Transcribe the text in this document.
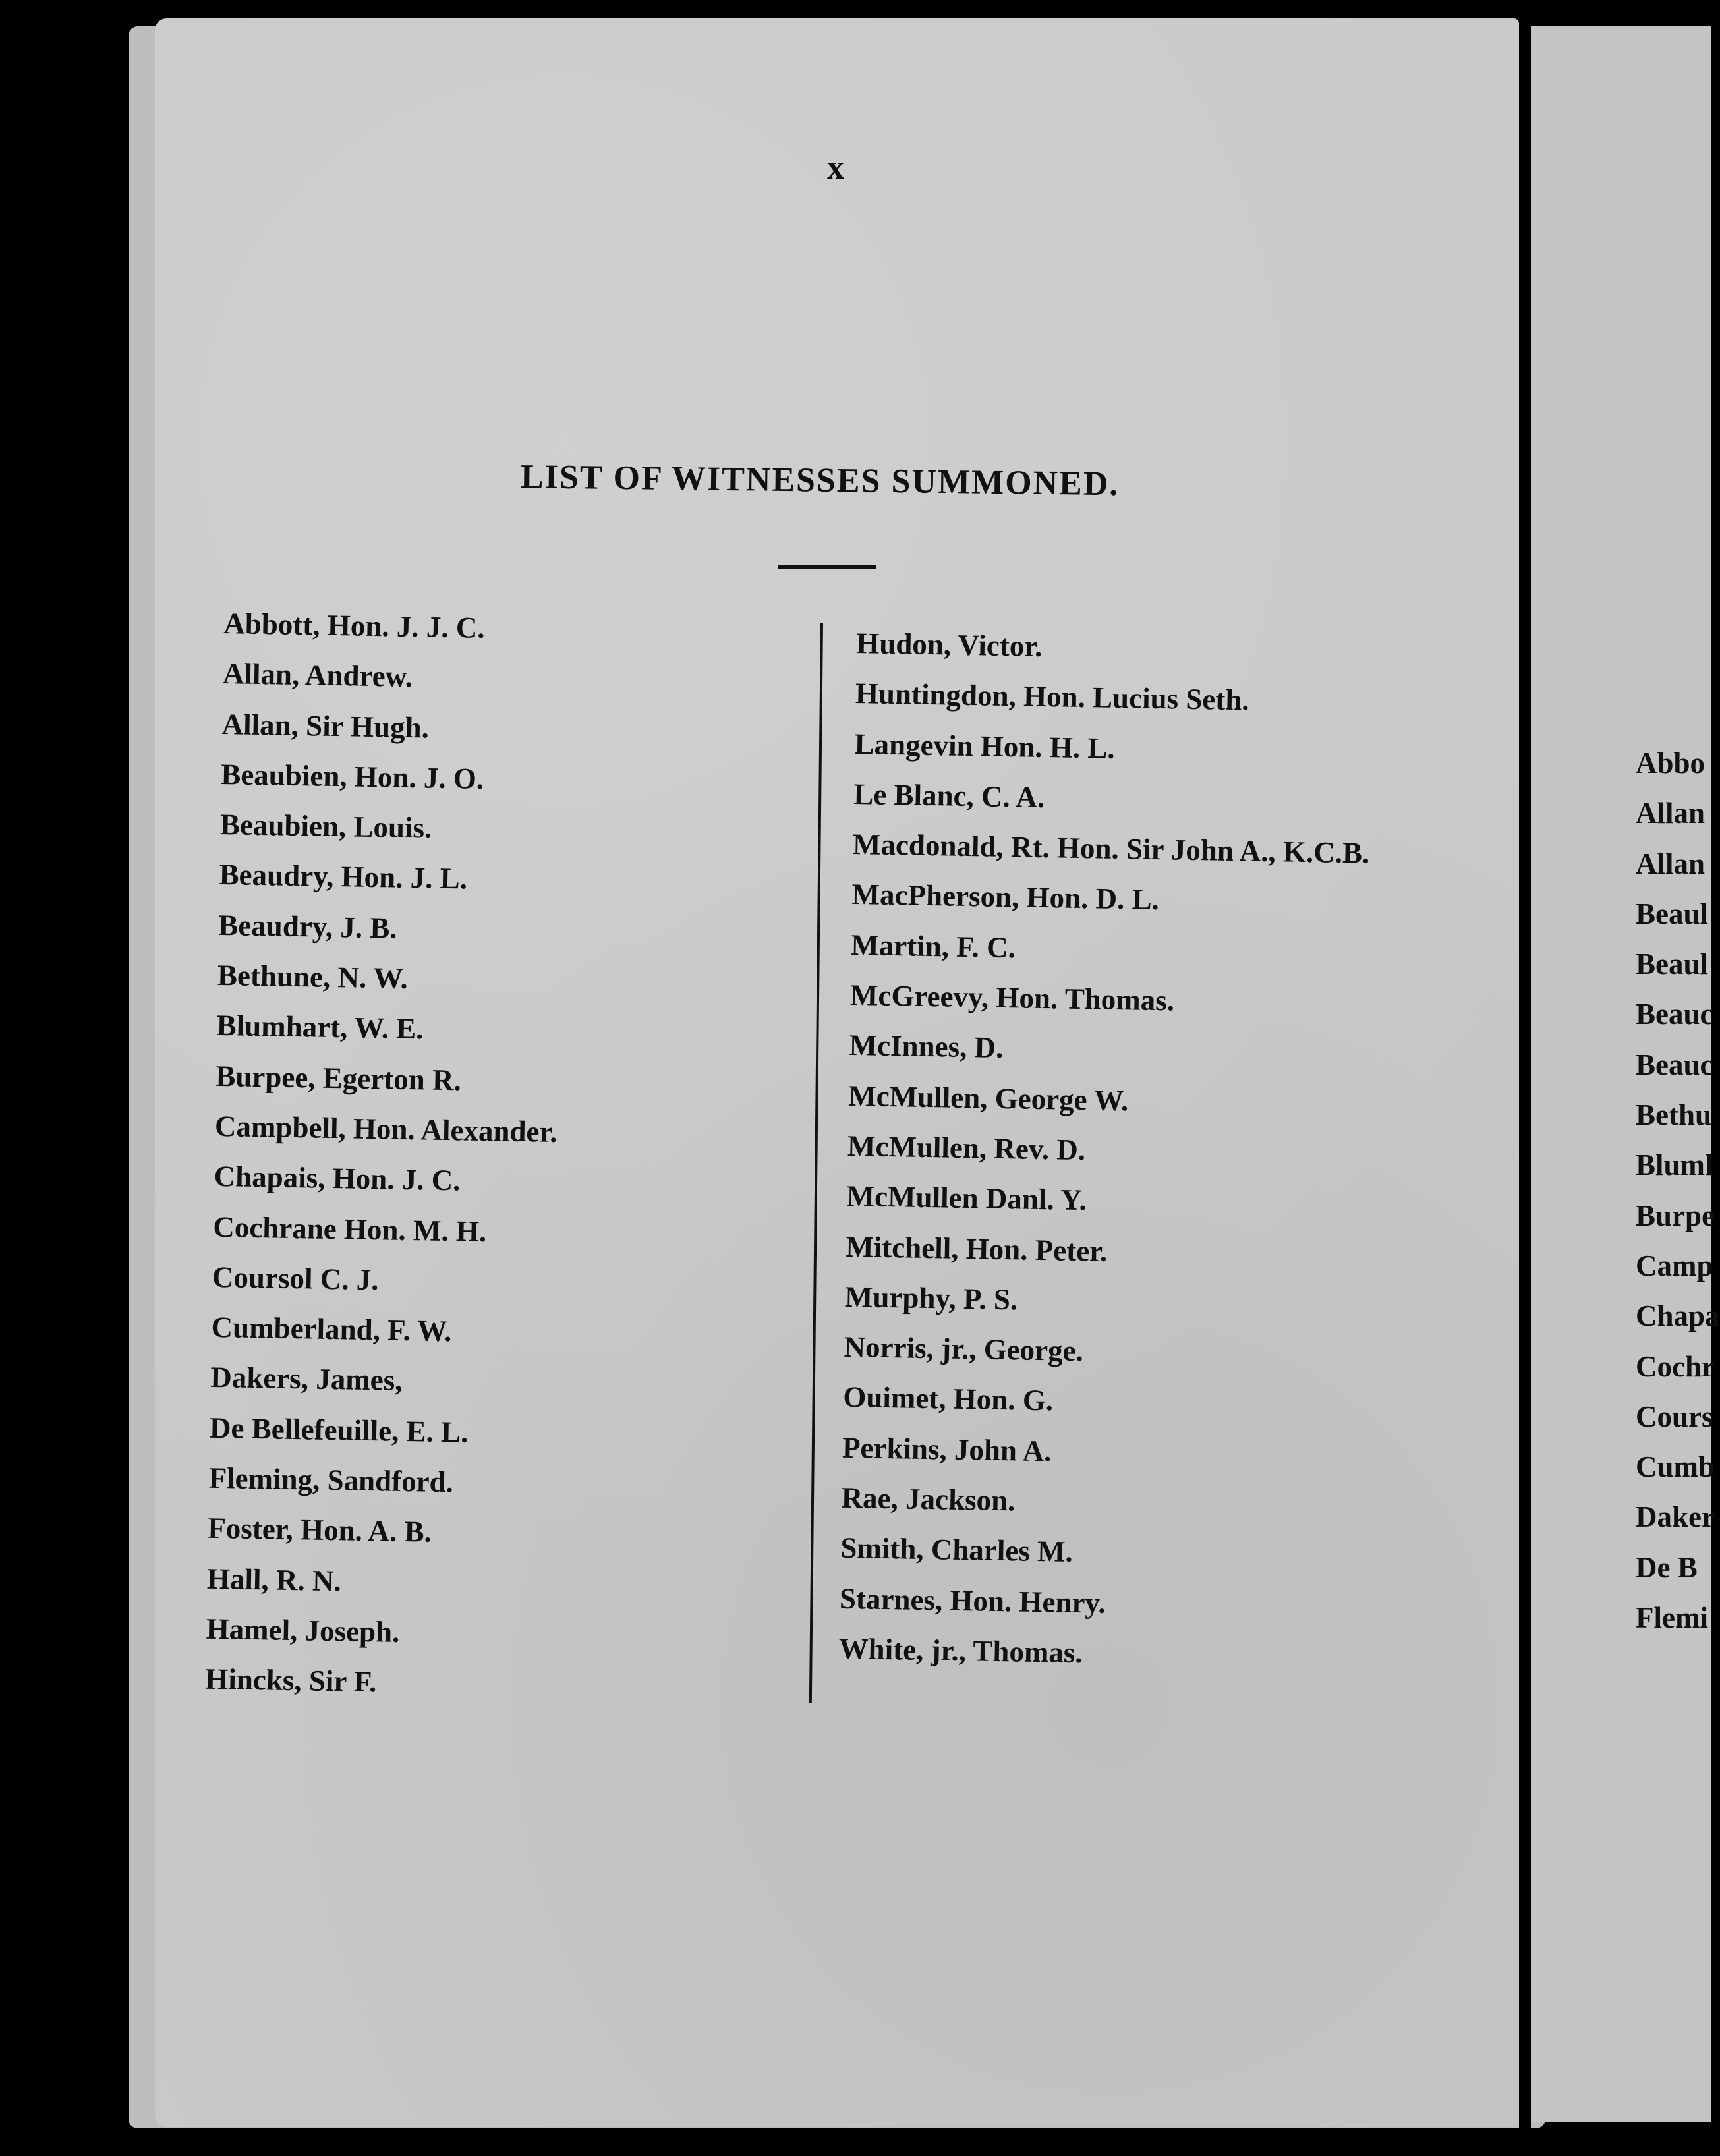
x
LIST OF WITNESSES SUMMONED.
Abbott, Hon. J. J. C.
Allan, Andrew.
Allan, Sir Hugh.
Beaubien, Hon. J. O.
Beaubien, Louis.
Beaudry, Hon. J. L.
Beaudry, J. B.
Bethune, N. W.
Blumhart, W. E.
Burpee, Egerton R.
Campbell, Hon. Alexander.
Chapais, Hon. J. C.
Cochrane Hon. M. H.
Coursol C. J.
Cumberland, F. W.
Dakers, James,
De Bellefeuille, E. L.
Fleming, Sandford.
Foster, Hon. A. B.
Hall, R. N.
Hamel, Joseph.
Hincks, Sir F.
Hudon, Victor.
Huntingdon, Hon. Lucius Seth.
Langevin Hon. H. L.
Le Blanc, C. A.
Macdonald, Rt. Hon. Sir John A., K.C.B.
MacPherson, Hon. D. L.
Martin, F. C.
McGreevy, Hon. Thomas.
McInnes, D.
McMullen, George W.
McMullen, Rev. D.
McMullen Danl. Y.
Mitchell, Hon. Peter.
Murphy, P. S.
Norris, jr., George.
Ouimet, Hon. G.
Perkins, John A.
Rae, Jackson.
Smith, Charles M.
Starnes, Hon. Henry.
White, jr., Thomas.
Abbo
Allan
Allan
Beaul
Beaul
Beauc
Beauc
Bethu
Bluml
Burpe
Camp
Chapa
Cochr
Cours
Cumb
Daker
De B
Flemi
